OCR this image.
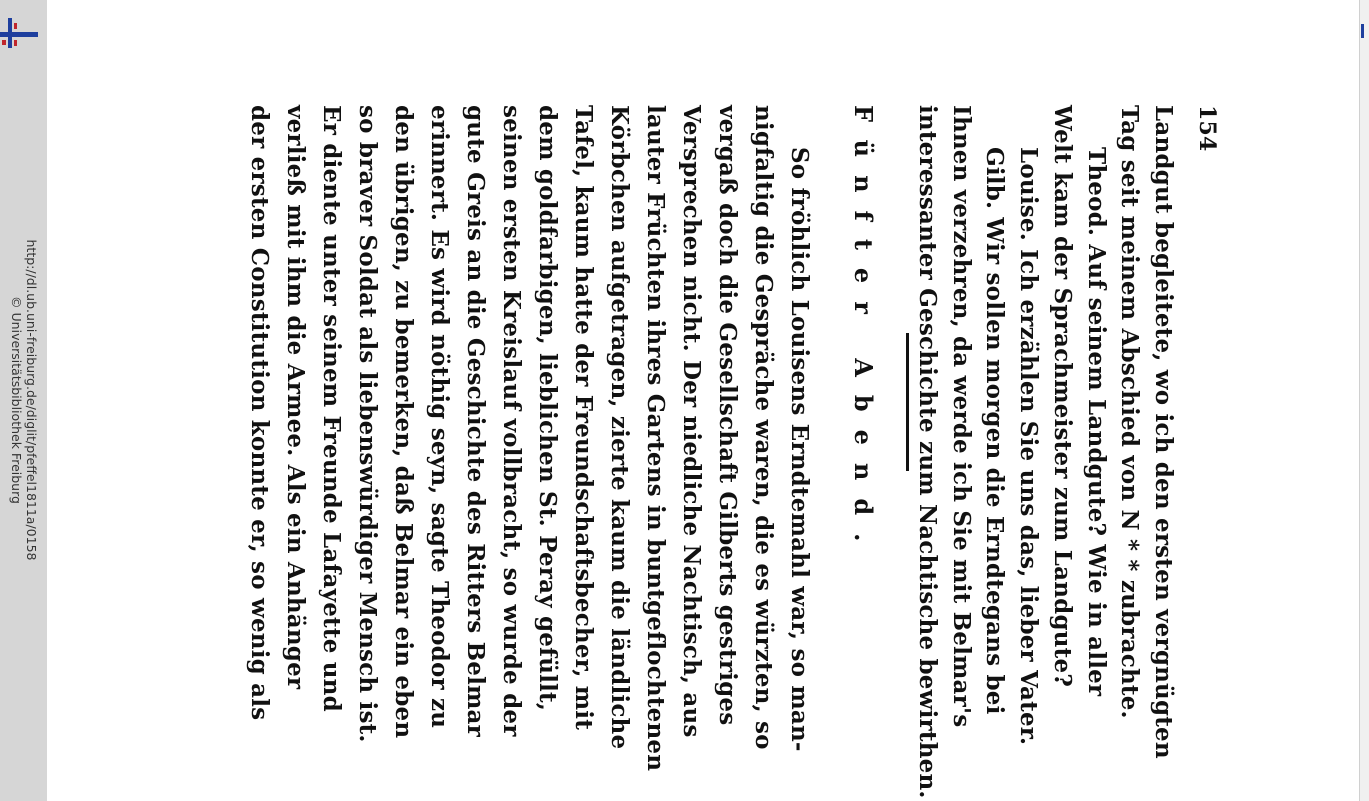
http://dl.ub.uni-freiburg.de/diglit/pfeffel1811a/0158
© Universitätsbibliothek Freiburg
154
Landgut begleitete, wo ich den ersten vergnügten
Tag seit meinem Abschied von N * * zubrachte.
Theod. Auf seinem Landgute? Wie in aller
Welt kam der Sprachmeister zum Landgute?
Louise. Ich erzählen Sie uns das, lieber Vater.
Gilb. Wir sollen morgen die Erndtegans bei
Ihnen verzehren, da werde ich Sie mit Belmar's
interessanter Geschichte zum Nachtische bewirthen.
Fünfter Abend.
So fröhlich Louisens Erndtemahl war, so man-
nigfaltig die Gespräche waren, die es würzten, so
vergaß doch die Gesellschaft Gilberts gestriges
Versprechen nicht. Der niedliche Nachtisch, aus
lauter Früchten ihres Gartens in buntgeflochtenen
Körbchen aufgetragen, zierte kaum die ländliche
Tafel, kaum hatte der Freundschaftsbecher, mit
dem goldfarbigen, lieblichen St. Peray gefüllt,
seinen ersten Kreislauf vollbracht, so wurde der
gute Greis an die Geschichte des Ritters Belmar
erinnert. Es wird nöthig seyn, sagte Theodor zu
den übrigen, zu bemerken, daß Belmar ein eben
so braver Soldat als liebenswürdiger Mensch ist.
Er diente unter seinem Freunde Lafayette und
verließ mit ihm die Armee. Als ein Anhänger
der ersten Constitution konnte er, so wenig als
